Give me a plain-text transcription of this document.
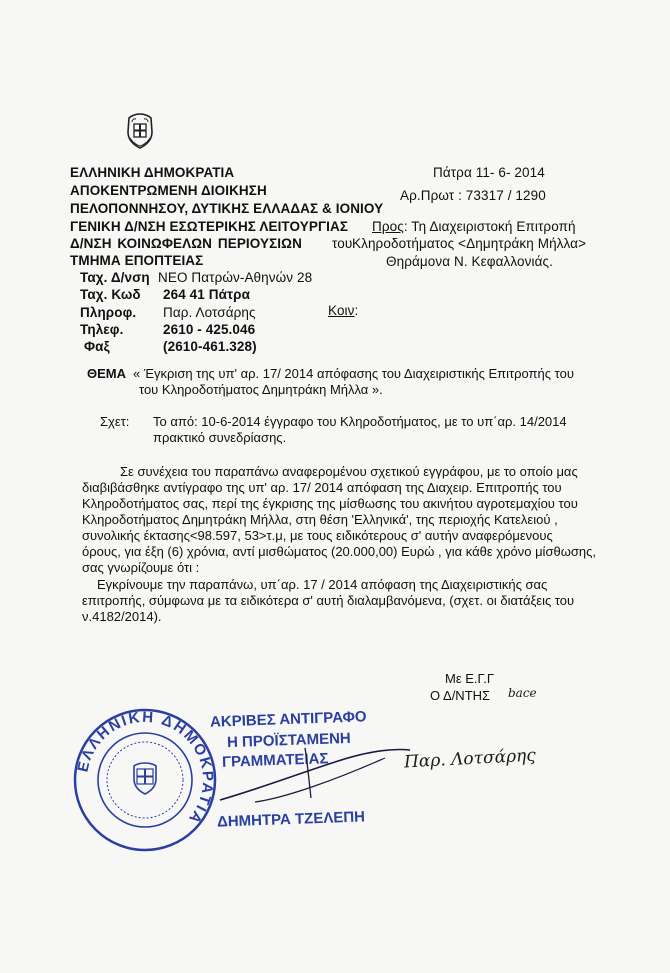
ΕΛΛΗΝΙΚΗ ΔΗΜΟΚΡΑΤΙΑ
ΑΠΟΚΕΝΤΡΩΜΕΝΗ ΔΙΟΙΚΗΣΗ
ΠΕΛΟΠΟΝΝΗΣΟΥ, ΔΥΤΙΚΗΣ ΕΛΛΑΔΑΣ & ΙΟΝΙΟΥ
ΓΕΝΙΚΗ Δ/ΝΣΗ ΕΣΩΤΕΡΙΚΗΣ ΛΕΙΤΟΥΡΓΙΑΣ
Δ/ΝΣΗ ΚΟΙΝΩΦΕΛΩΝ ΠΕΡΙΟΥΣΙΩΝ
ΤΜΗΜΑ ΕΠΟΠΤΕΙΑΣ
Ταχ. Δ/νση ΝΕΟ Πατρών-Αθηνών 28
Ταχ. Κωδ 264 41 Πάτρα
Πληροφ. Παρ. Λοτσάρης
Τηλεφ.	2610 - 425.046
Φαξ	(2610-461.328)
Πάτρα 11- 6- 2014
Αρ.Πρωτ : 73317 / 1290
Προς: Τη Διαχειριστοκή Επιτροπή
του Κληροδοτήματος <Δημητράκη Μήλλα>
Θηράμονα Ν. Κεφαλλονιάς.
Κοιν:
ΘΕΜΑ « Έγκριση της υπ' αρ. 17/ 2014 απόφασης του Διαχειριστικής Επιτροπής του
του Κληροδοτήματος Δημητράκη Μήλλα ».
Σχετ: Το από: 10-6-2014 έγγραφο του Κληροδοτήματος, με το υπ΄αρ. 14/2014
πρακτικό συνεδρίασης.
Σε συνέχεια του παραπάνω αναφερομένου σχετικού εγγράφου, με το οποίο μας
διαβιβάσθηκε αντίγραφο της υπ' αρ. 17/ 2014 απόφαση της Διαχειρ. Επιτροπής του
Κληροδοτήματος σας, περί της έγκρισης της μίσθωσης του ακινήτου αγροτεμαχίου του
Κληροδοτήματος Δημητράκη Μήλλα, στη θέση 'Ελληνικά', της περιοχής Κατελειού ,
συνολικής έκτασης<98.597, 53>τ.μ, με τους ειδικότερους σ' αυτήν αναφερόμενους
όρους, για έξη (6) χρόνια, αντί μισθώματος (20.000,00) Ευρώ , για κάθε χρόνο μίσθωσης,
σας γνωρίζουμε ότι :
Εγκρίνουμε την παραπάνω, υπ΄αρ. 17 / 2014 απόφαση της Διαχειριστικής σας
επιτροπής, σύμφωνα με τα ειδικότερα σ' αυτή διαλαμβανόμενα, (σχετ. οι διατάξεις του
ν.4182/2014).
Με Ε.Γ.Γ
Ο Δ/ΝΤΗΣ bace
ΕΛΛΗΝΙΚΗ ΔΗΜΟΚΡΑΤΙΑ
ΑΚΡΙΒΕΣ ΑΝΤΙΓΡΑΦΟ
Η ΠΡΟΪΣΤΑΜΕΝΗ
ΓΡΑΜΜΑΤΕΙΑΣ
ΔΗΜΗΤΡΑ ΤΖΕΛΕΠΗ
Παρ. Λοτσάρης
